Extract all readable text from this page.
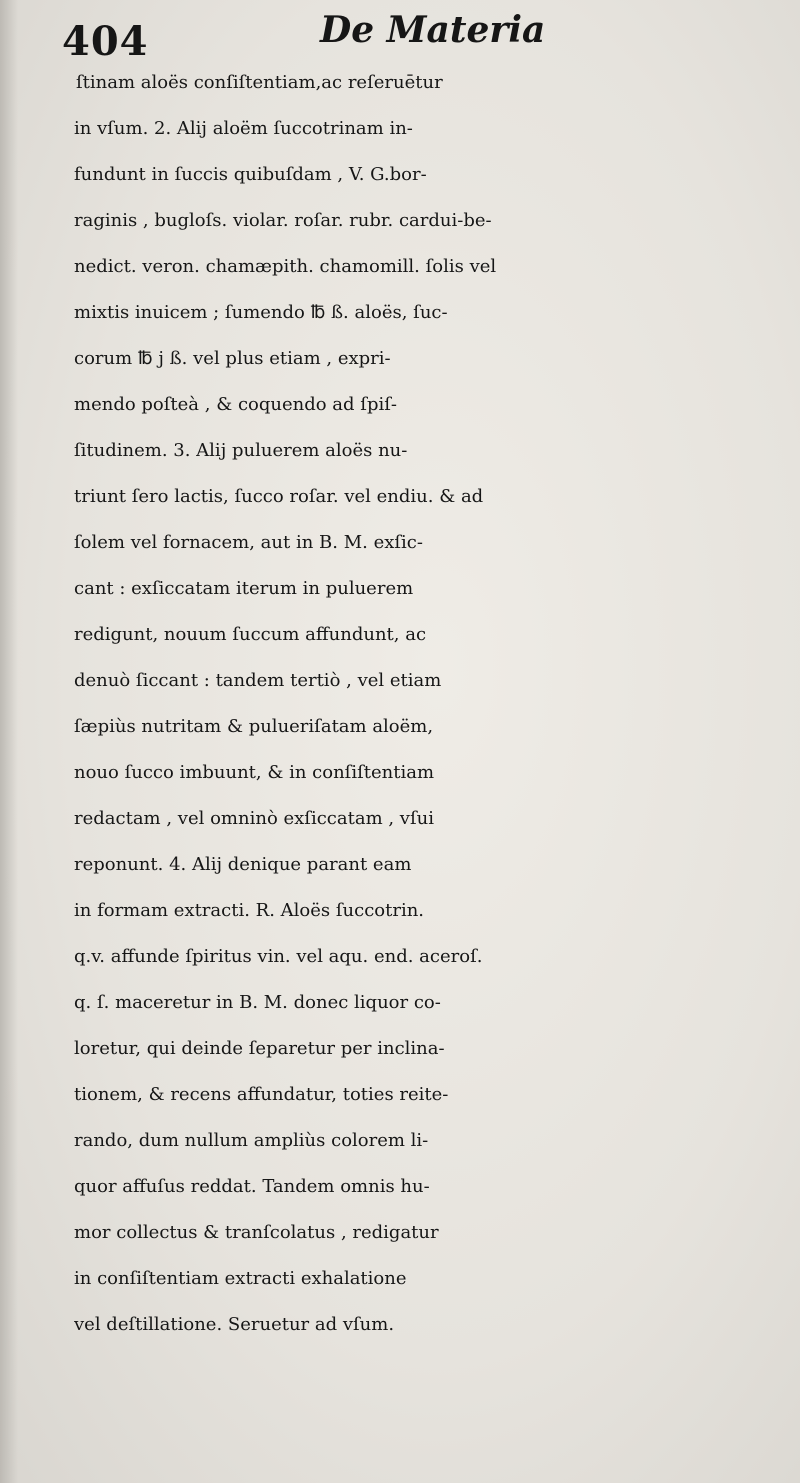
404	De Materia
ſtinam aloës conſiſtentiam,ac reſeruētur
in vſum. 2. Alij aloëm ſuccotrinam in-
fundunt in ſuccis quibuſdam , V. G.bor-
raginis , bugloſs. violar. roſar. rubr. cardui-be-
nedict. veron. chamæpith. chamomill. ſolis vel
mixtis inuicem ; ſumendo ℔ ß. aloës, ſuc-
corum ℔ j ß. vel plus etiam , expri-
mendo poſteà , & coquendo ad ſpiſ-
ſitudinem. 3. Alij puluerem aloës nu-
triunt ſero lactis, ſucco roſar. vel endiu. & ad
ſolem vel fornacem, aut in B. M. exſic-
cant : exſiccatam iterum in puluerem
redigunt, nouum ſuccum affundunt, ac
denuò ſiccant : tandem tertiò , vel etiam
ſæpiùs nutritam & pulueriſatam aloëm,
nouo ſucco imbuunt, & in conſiſtentiam
redactam , vel omninò exſiccatam , vſui
reponunt. 4. Alij denique parant eam
in formam extracti. R. Aloës ſuccotrin.
q.v. affunde ſpiritus vin. vel aqu. end. aceroſ.
q. ſ. maceretur in B. M. donec liquor co-
loretur, qui deinde ſeparetur per inclina-
tionem, & recens affundatur, toties reite-
rando, dum nullum ampliùs colorem li-
quor affuſus reddat. Tandem omnis hu-
mor collectus & tranſcolatus , redigatur
in conſiſtentiam extracti exhalatione
vel deſtillatione. Seruetur ad vſum.
